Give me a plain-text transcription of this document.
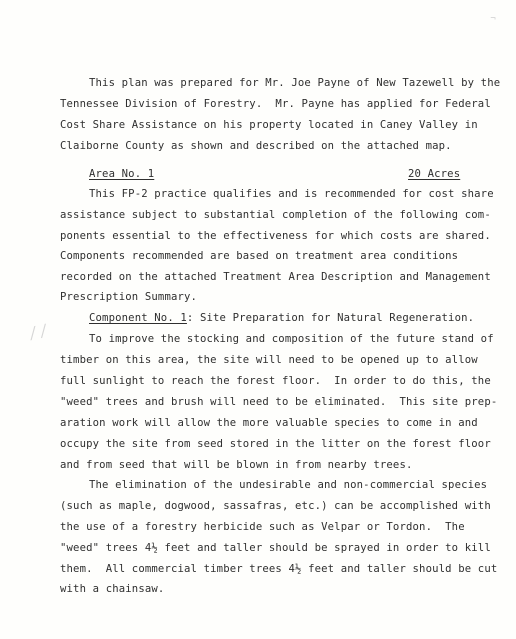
¬
/ /
This plan was prepared for Mr. Joe Payne of New Tazewell by the
Tennessee Division of Forestry.  Mr. Payne has applied for Federal
Cost Share Assistance on his property located in Caney Valley in
Claiborne County as shown and described on the attached map.
Area No. 1	20 Acres
This FP-2 practice qualifies and is recommended for cost share
assistance subject to substantial completion of the following com-
ponents essential to the effectiveness for which costs are shared.
Components recommended are based on treatment area conditions
recorded on the attached Treatment Area Description and Management
Prescription Summary.
Component No. 1: Site Preparation for Natural Regeneration.
To improve the stocking and composition of the future stand of
timber on this area, the site will need to be opened up to allow
full sunlight to reach the forest floor.  In order to do this, the
"weed" trees and brush will need to be eliminated.  This site prep-
aration work will allow the more valuable species to come in and
occupy the site from seed stored in the litter on the forest floor
and from seed that will be blown in from nearby trees.
The elimination of the undesirable and non-commercial species
(such as maple, dogwood, sassafras, etc.) can be accomplished with
the use of a forestry herbicide such as Velpar or Tordon.  The
"weed" trees 4½ feet and taller should be sprayed in order to kill
them.  All commercial timber trees 4½ feet and taller should be cut
with a chainsaw.
